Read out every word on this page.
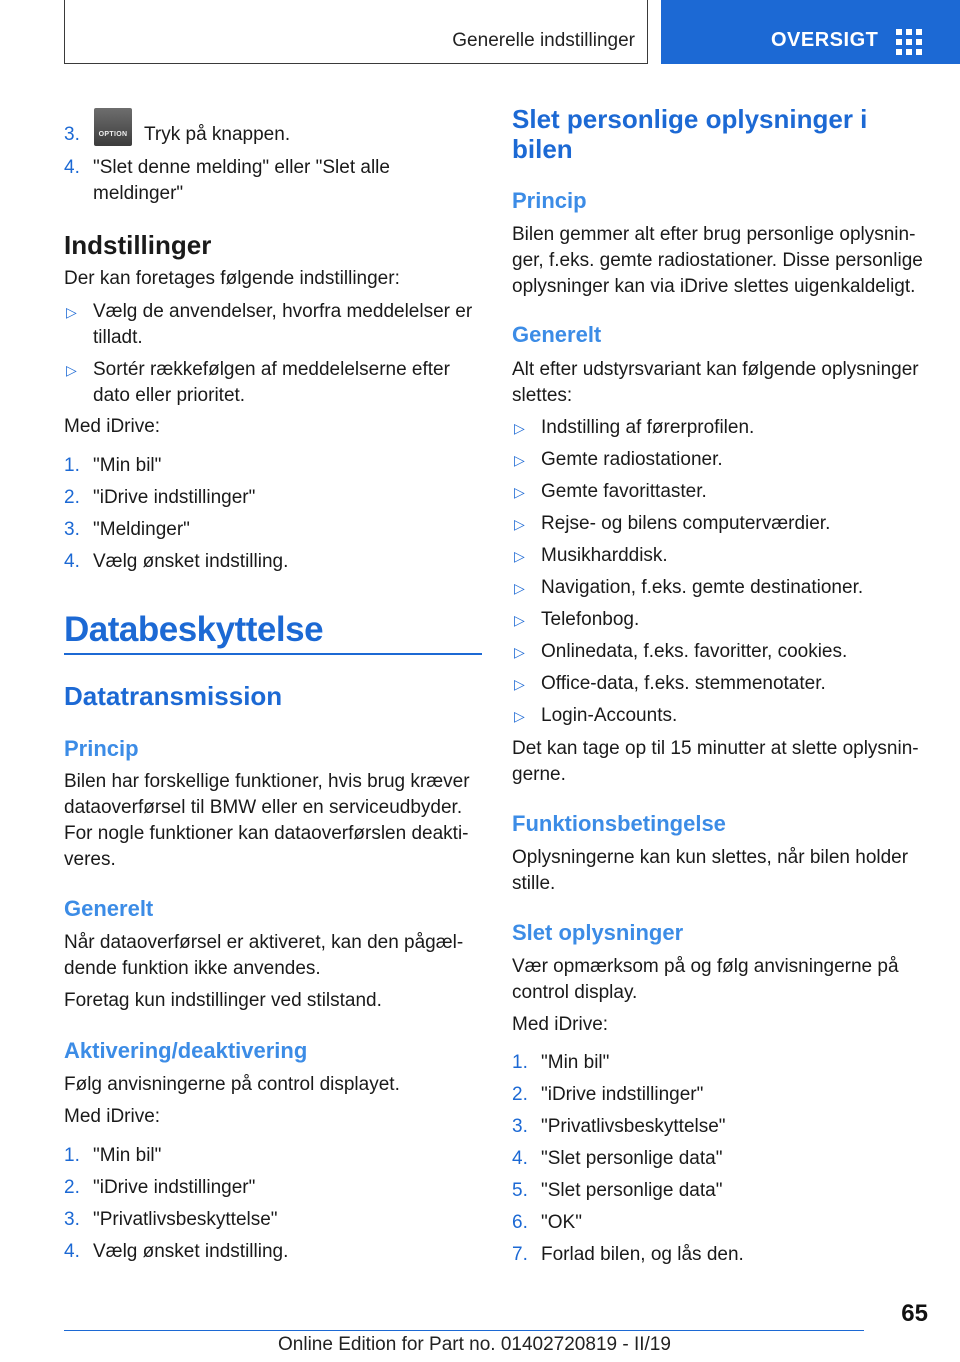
Generelle indstillinger	OVERSIGT
3.	OPTION Tryk på knappen.
4. "Slet denne melding" eller "Slet alle meldinger"
Indstillinger
Der kan foretages følgende indstillinger:
▷ Vælg de anvendelser, hvorfra meddelelser er tilladt.
▷ Sortér rækkefølgen af meddelelserne efter dato eller prioritet.
Med iDrive:
1. "Min bil"
2. "iDrive indstillinger"
3. "Meldinger"
4. Vælg ønsket indstilling.
Databeskyttelse
Datatransmission
Princip
Bilen har forskellige funktioner, hvis brug kræver dataoverførsel til BMW eller en serviceudbyder. For nogle funktioner kan dataoverførslen deakti‐veres.
Generelt
Når dataoverførsel er aktiveret, kan den pågæl‐dende funktion ikke anvendes.
Foretag kun indstillinger ved stilstand.
Aktivering/deaktivering
Følg anvisningerne på control displayet.
Med iDrive:
1. "Min bil"
2. "iDrive indstillinger"
3. "Privatlivsbeskyttelse"
4. Vælg ønsket indstilling.
Slet personlige oplysninger i bilen
Princip
Bilen gemmer alt efter brug personlige oplysnin‐ger, f.eks. gemte radiostationer. Disse personlige oplysninger kan via iDrive slettes uigenkaldeligt.
Generelt
Alt efter udstyrsvariant kan følgende oplysninger slettes:
▷ Indstilling af førerprofilen.
▷ Gemte radiostationer.
▷ Gemte favorittaster.
▷ Rejse- og bilens computerværdier.
▷ Musikharddisk.
▷ Navigation, f.eks. gemte destinationer.
▷ Telefonbog.
▷ Onlinedata, f.eks. favoritter, cookies.
▷ Office-data, f.eks. stemmenotater.
▷ Login-Accounts.
Det kan tage op til 15 minutter at slette oplysnin‐gerne.
Funktionsbetingelse
Oplysningerne kan kun slettes, når bilen holder stille.
Slet oplysninger
Vær opmærksom på og følg anvisningerne på control display.
Med iDrive:
1. "Min bil"
2. "iDrive indstillinger"
3. "Privatlivsbeskyttelse"
4. "Slet personlige data"
5. "Slet personlige data"
6. "OK"
7. Forlad bilen, og lås den.
65
Online Edition for Part no. 01402720819 - II/19
